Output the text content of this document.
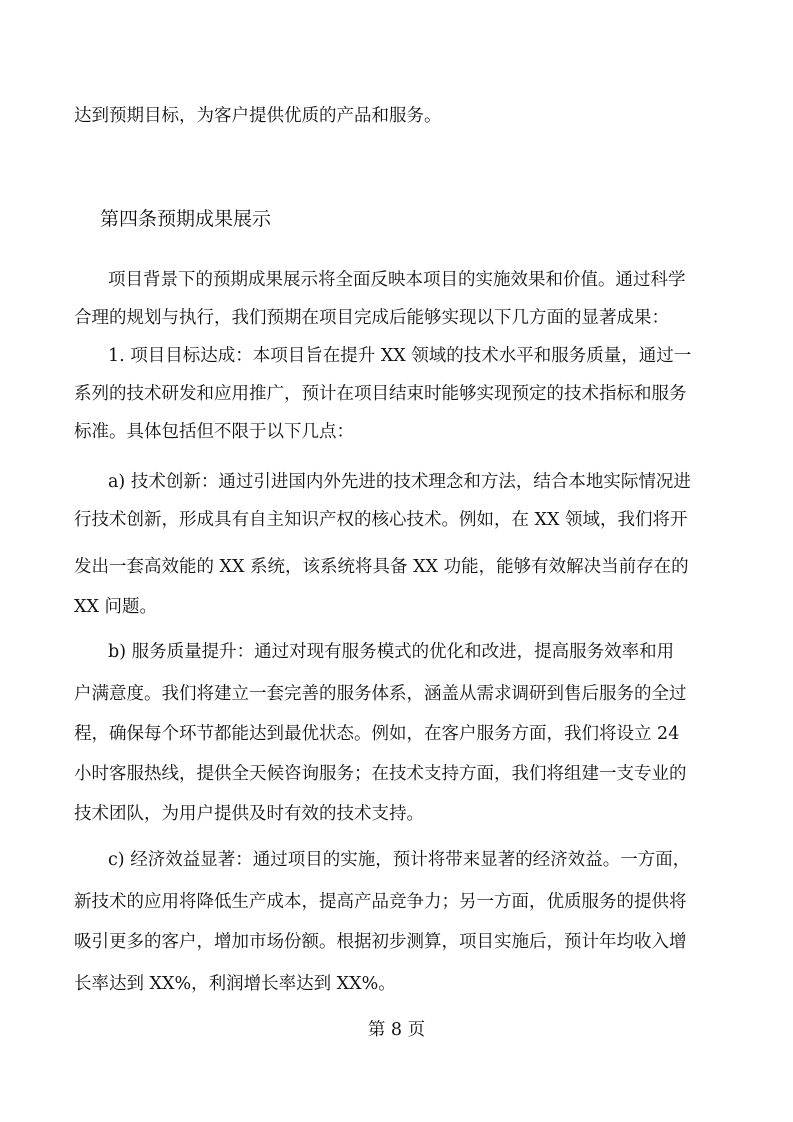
达到预期目标，为客户提供优质的产品和服务。

第四条预期成果展示

项目背景下的预期成果展示将全面反映本项目的实施效果和价值。通过科学

合理的规划与执行，我们预期在项目完成后能够实现以下几方面的显著成果：

1. 项目目标达成：本项目旨在提升 XX 领域的技术水平和服务质量，通过一

系列的技术研发和应用推广，预计在项目结束时能够实现预定的技术指标和服务

标准。具体包括但不限于以下几点：

a) 技术创新：通过引进国内外先进的技术理念和方法，结合本地实际情况进

行技术创新，形成具有自主知识产权的核心技术。例如，在 XX 领域，我们将开

发出一套高效能的 XX 系统，该系统将具备 XX 功能，能够有效解决当前存在的

XX 问题。

b) 服务质量提升：通过对现有服务模式的优化和改进，提高服务效率和用

户满意度。我们将建立一套完善的服务体系，涵盖从需求调研到售后服务的全过

程，确保每个环节都能达到最优状态。例如，在客户服务方面，我们将设立 24

小时客服热线，提供全天候咨询服务；在技术支持方面，我们将组建一支专业的

技术团队，为用户提供及时有效的技术支持。

c) 经济效益显著：通过项目的实施，预计将带来显著的经济效益。一方面，

新技术的应用将降低生产成本，提高产品竞争力；另一方面，优质服务的提供将

吸引更多的客户，增加市场份额。根据初步测算，项目实施后，预计年均收入增

长率达到 XX%，利润增长率达到 XX%。

第 8 页
